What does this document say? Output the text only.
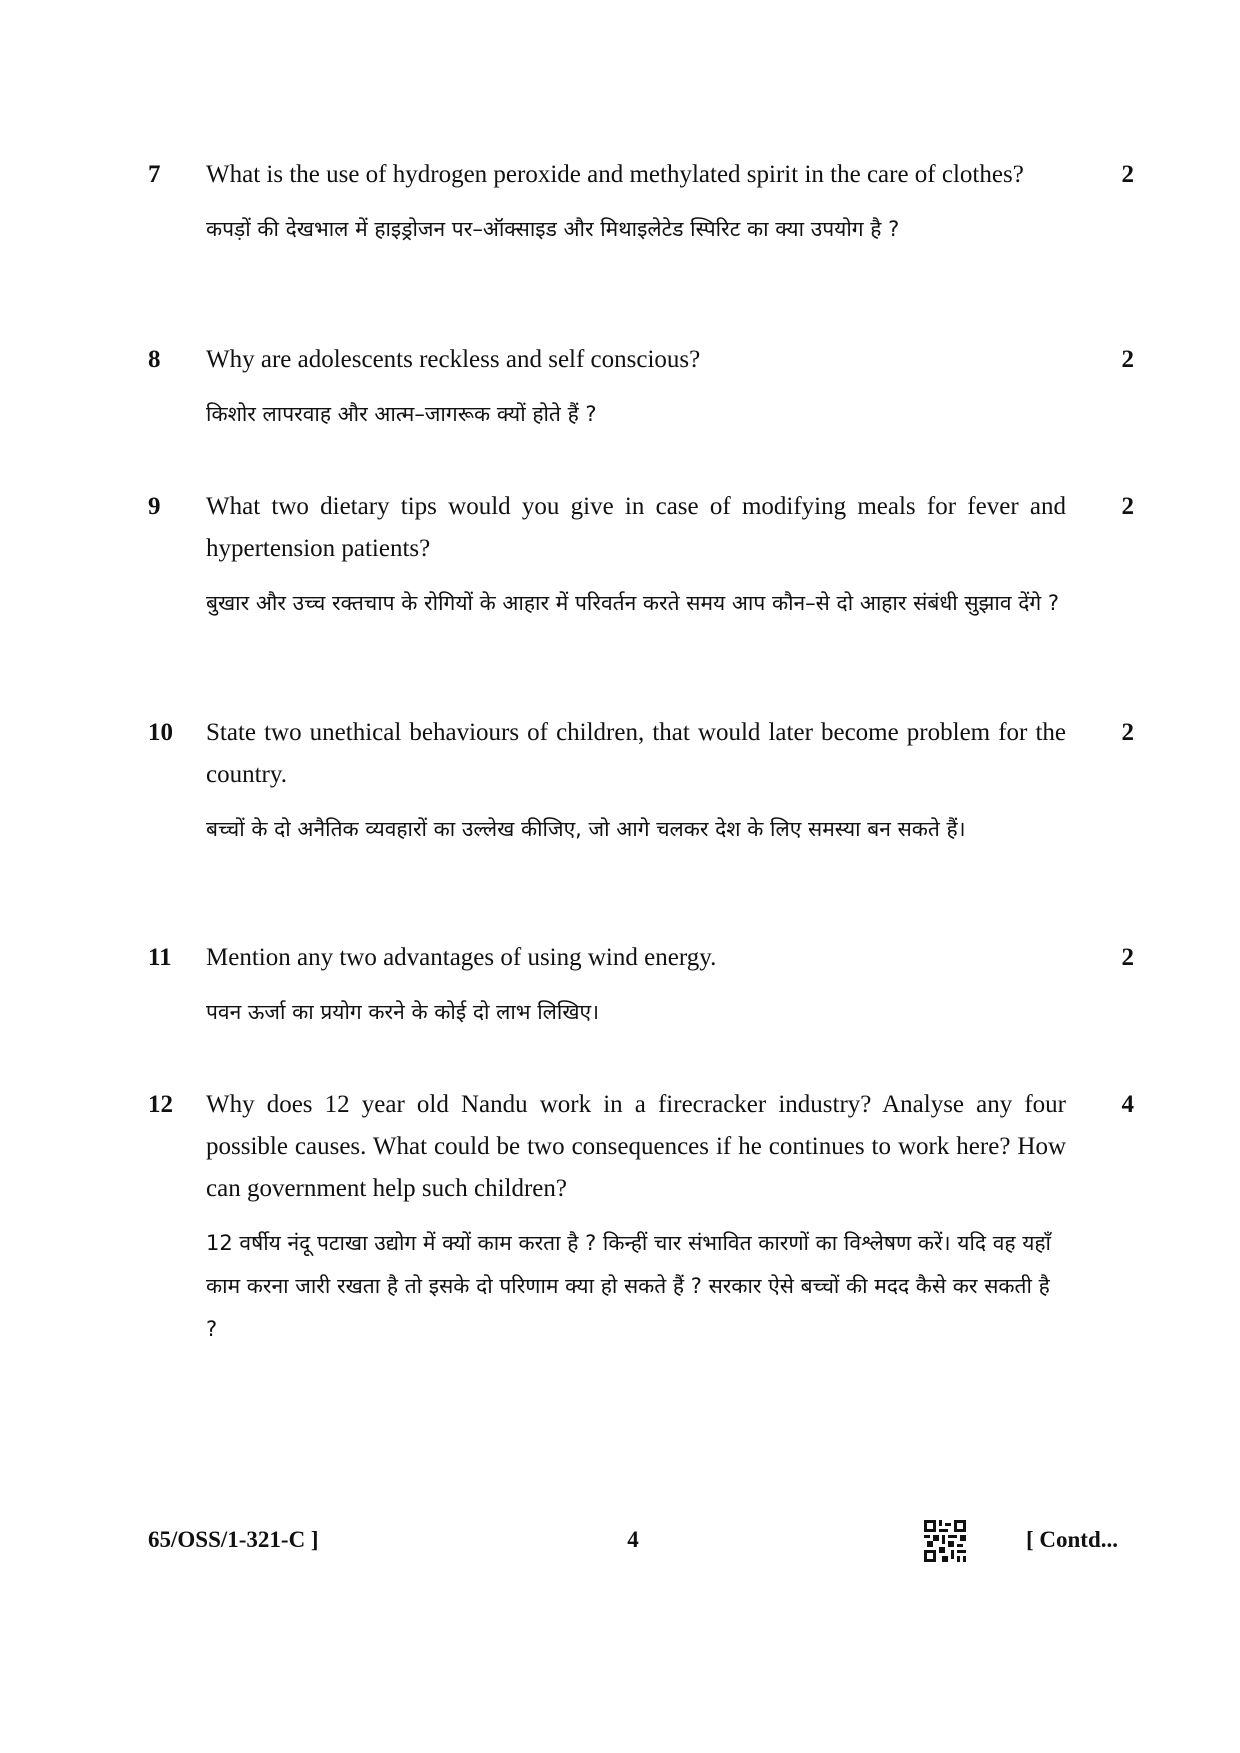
7	What is the use of hydrogen peroxide and methylated spirit in the care of clothes?

कपड़ों की देखभाल में हाइड्रोजन पर–ऑक्साइड और मिथाइलेटेड स्पिरिट का क्या उपयोग है ?

2
8	Why are adolescents reckless and self conscious?

किशोर लापरवाह और आत्म–जागरूक क्यों होते हैं ?

2
9	What two dietary tips would you give in case of modifying meals for fever and hypertension patients?

बुखार और उच्च रक्तचाप के रोगियों के आहार में परिवर्तन करते समय आप कौन–से दो आहार संबंधी सुझाव देंगे ?

2
10	State two unethical behaviours of children, that would later become problem for the country.

बच्चों के दो अनैतिक व्यवहारों का उल्लेख कीजिए, जो आगे चलकर देश के लिए समस्या बन सकते हैं।

2
11	Mention any two advantages of using wind energy.

पवन ऊर्जा का प्रयोग करने के कोई दो लाभ लिखिए।

2
12	Why does 12 year old Nandu work in a firecracker industry? Analyse any four possible causes. What could be two consequences if he continues to work here? How can government help such children?

12 वर्षीय नंदू पटाखा उद्योग में क्यों काम करता है ? किन्हीं चार संभावित कारणों का विश्लेषण करें। यदि वह यहाँ काम करना जारी रखता है तो इसके दो परिणाम क्या हो सकते हैं ? सरकार ऐसे बच्चों की मदद कैसे कर सकती है ?

4
65/OSS/1-321-C ]	4	[ Contd...
